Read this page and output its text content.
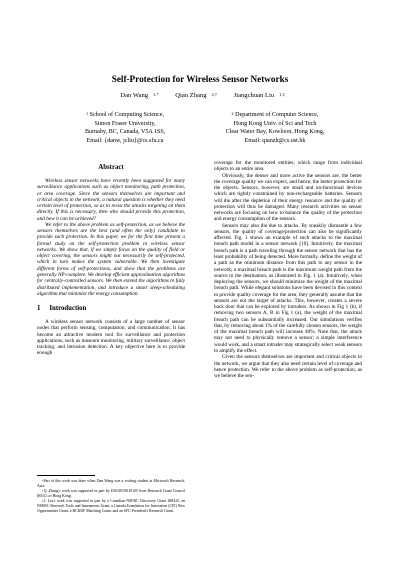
Self-Protection for Wireless Sensor Networks
Dan Wang $^{1,*}$	Qian Zhang $^{2,\dagger}$	Jiangchuan Liu $^{1,\ddagger}$
$^1$ School of Computing Science,
Simon Fraser University,
Burnaby, BC, Canada, V5A 1S6,
Email: {danw, jcliu}@cs.sfu.ca
$^2$ Department of Computer Science,
Hong Kong Univ. of Sci and Tech
Clear Water Bay, Kowloon, Hong Kong,
Email: qianzh@cs.ust.hk
Abstract

Wireless sensor networks have recently been suggested for many surveillance applications such as object monitoring, path protection, or area coverage. Since the sensors themselves are important and critical objects in the network, a natural question is whether they need certain level of protection, so as to resist the attacks targeting on them directly. If this is necessary, then who should provide this protection, and how it can be achieved?

We refer to the above problem as self-protection, as we believe the sensors themselves are the best (and often the only) candidate to provide such protection. In this paper, we for the first time present a formal study on the self-protection problem in wireless sensor networks. We show that, if we simply focus on the quality of field or object covering, the sensors might not necessarily be self-protected, which in turn makes the system vulnerable. We then investigate different forms of self-protections, and show that the problems are generally NP-complete. We develop efficient approximation algorithms for centrally-controlled sensors. We then extend the algorithms to fully distributed implementation, and introduce a smart sleep-scheduling algorithm that minimize the energy consumption.

1 Introduction

A wireless sensor network consists of a large number of sensor nodes that perform sensing, computation, and communication. It has become an attractive modern tool for surveillance and protection applications, such as museum monitoring, military surveillance, object tracking, and intrusion detection. A key objective here is to provide enough

*Part of this work was done when Dan Wang was a visiting student at Microsoft Research, Asia.

†Q. Zhang's work was supported in part by DAG05/06.EG05 from Research Grant Council (RGC) of Hong Kong.

‡J. Liu's work was supported in part by a Canadian NSERC Discovery Grant 288325, an NSERC Research Tools and Instruments Grant, a Canada Foundation for Innovation (CFI) New Opportunities Grant, a BCKDF Matching Grant, and an SFU President's Research Grant.

coverage for the monitored entities; which range from individual objects to an entire area.

Obviously, the denser and more active the sensors are, the better the coverage quality we can expect, and hence, the better protection for the objects. Sensors, however, are small and un-functional devices which are tightly constrained by non-rechargeable batteries. Sensors will die after the depletion of their energy resource and the quality of protection will thus be damaged. Many research activities on sensor networks are focusing on how to balance the quality of the protection and energy consumption of the sensors.

Sensors may also die due to attacks. By sneakily dismantle a few sensors, the quality of coverage/protection can also be significantly affected. Fig. 1 shows an example of such attacks to the maximal breach path model in a sensor network [10]. Intuitively, the maximal breach path is a path traveling through the sensor network that has the least probability of being detected. More formally, define the weight of a path as the minimum distance from this path to any sensor in the network; a maximal breach path is the maximum weight path from the source to the destination, as illustrated in Fig. 1 (a). Intuitively, when deploying the sensors, we should minimize the weight of the maximal breach path. While elegant solutions have been devised in this context to provide quality coverage for the area, they generally assume that the sensors are not the target of attacks. This, however, creates a severe back door that can be explored by intruders. As shown in Fig 1 (b), if removing two sensors A, B in Fig 1 (a), the weight of the maximal breach path can be substantially increased. Our simulations verifies that, by removing about 1% of the carefully chosen sensors, the weight of the maximal breach path will increase 40%. Note that, the attack may not need to physically remove a sensor; a simple interference would work, and a smart intruder may strategically select weak sensors to amplify the effect.

Given the sensors themselves are important and critical objects in the network, we argue that they also need certain level of coverage and hence protection. We refer to the above problem as self-protection, as we believe the sen-
